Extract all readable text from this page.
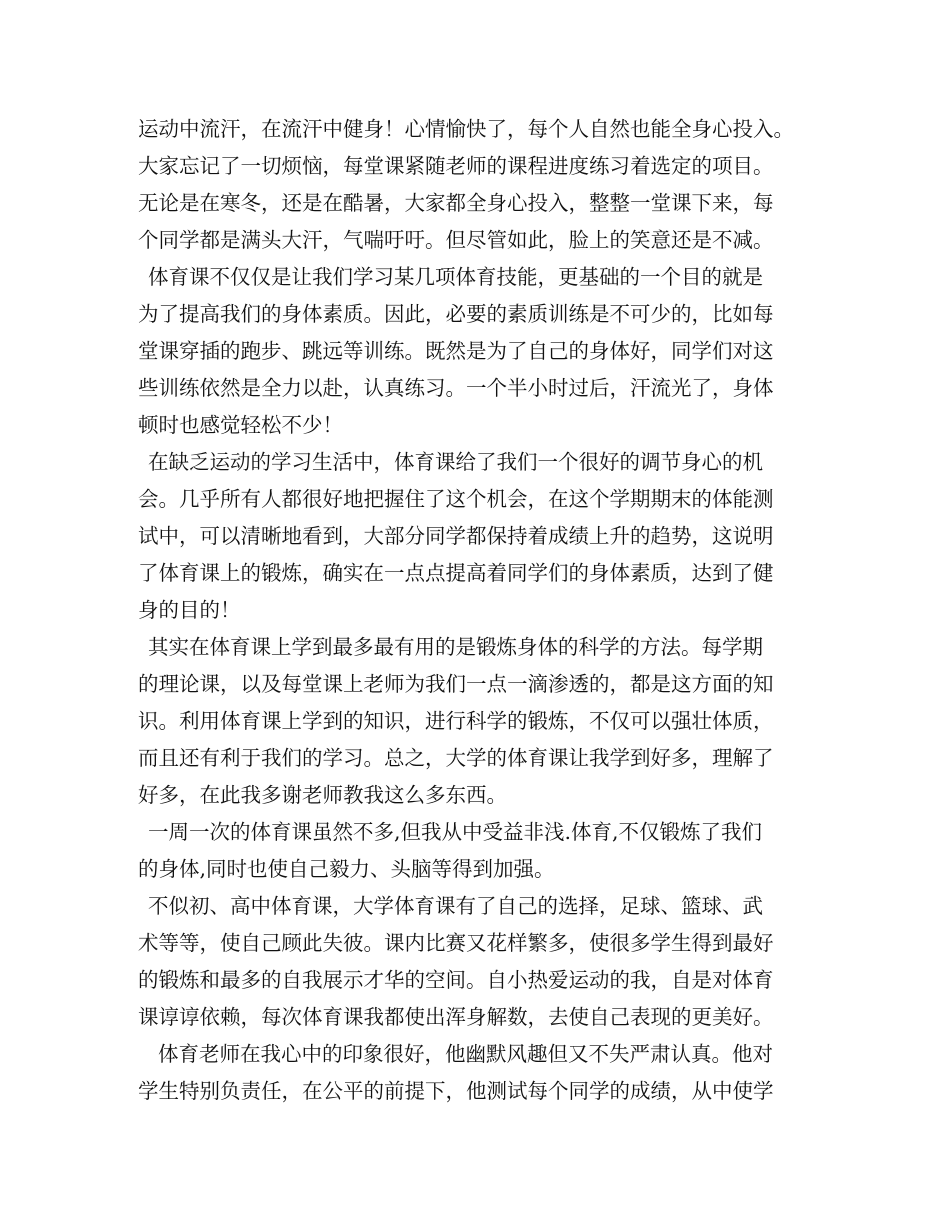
运动中流汗，在流汗中健身！心情愉快了，每个人自然也能全身心投入。
大家忘记了一切烦恼，每堂课紧随老师的课程进度练习着选定的项目。
无论是在寒冬，还是在酷暑，大家都全身心投入，整整一堂课下来，每
个同学都是满头大汗，气喘吁吁。但尽管如此，脸上的笑意还是不减。
体育课不仅仅是让我们学习某几项体育技能，更基础的一个目的就是
为了提高我们的身体素质。因此，必要的素质训练是不可少的，比如每
堂课穿插的跑步、跳远等训练。既然是为了自己的身体好，同学们对这
些训练依然是全力以赴，认真练习。一个半小时过后，汗流光了，身体
顿时也感觉轻松不少！
在缺乏运动的学习生活中，体育课给了我们一个很好的调节身心的机
会。几乎所有人都很好地把握住了这个机会，在这个学期期末的体能测
试中，可以清晰地看到，大部分同学都保持着成绩上升的趋势，这说明
了体育课上的锻炼，确实在一点点提高着同学们的身体素质，达到了健
身的目的！
其实在体育课上学到最多最有用的是锻炼身体的科学的方法。每学期
的理论课，以及每堂课上老师为我们一点一滴渗透的，都是这方面的知
识。利用体育课上学到的知识，进行科学的锻炼，不仅可以强壮体质，
而且还有利于我们的学习。总之，大学的体育课让我学到好多，理解了
好多，在此我多谢老师教我这么多东西。
一周一次的体育课虽然不多,但我从中受益非浅.体育,不仅锻炼了我们
的身体,同时也使自己毅力、头脑等得到加强。
不似初、高中体育课，大学体育课有了自己的选择，足球、篮球、武
术等等，使自己顾此失彼。课内比赛又花样繁多，使很多学生得到最好
的锻炼和最多的自我展示才华的空间。自小热爱运动的我，自是对体育
课谆谆依赖，每次体育课我都使出浑身解数，去使自己表现的更美好。
体育老师在我心中的印象很好，他幽默风趣但又不失严肃认真。他对
学生特别负责任，在公平的前提下，他测试每个同学的成绩，从中使学
